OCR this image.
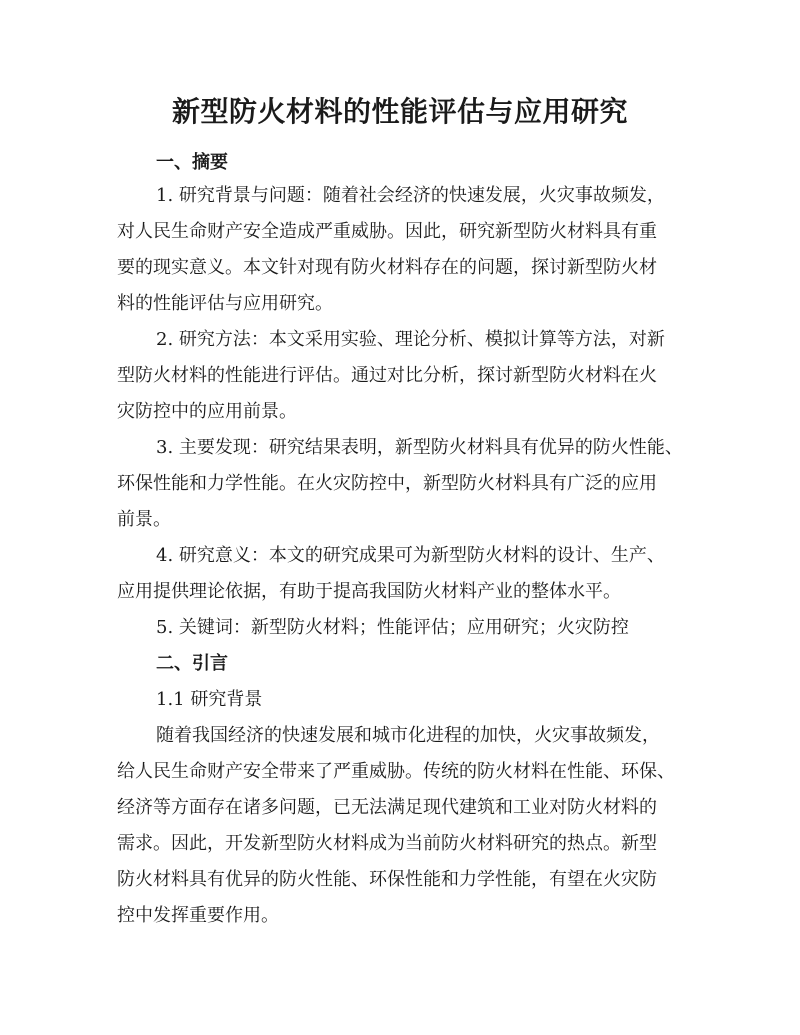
新型防火材料的性能评估与应用研究
一、摘要
1. 研究背景与问题：随着社会经济的快速发展，火灾事故频发，
对人民生命财产安全造成严重威胁。因此，研究新型防火材料具有重
要的现实意义。本文针对现有防火材料存在的问题，探讨新型防火材
料的性能评估与应用研究。
2. 研究方法：本文采用实验、理论分析、模拟计算等方法，对新
型防火材料的性能进行评估。通过对比分析，探讨新型防火材料在火
灾防控中的应用前景。
3. 主要发现：研究结果表明，新型防火材料具有优异的防火性能、
环保性能和力学性能。在火灾防控中，新型防火材料具有广泛的应用
前景。
4. 研究意义：本文的研究成果可为新型防火材料的设计、生产、
应用提供理论依据，有助于提高我国防火材料产业的整体水平。
5. 关键词：新型防火材料；性能评估；应用研究；火灾防控
二、引言
1.1 研究背景
随着我国经济的快速发展和城市化进程的加快，火灾事故频发，
给人民生命财产安全带来了严重威胁。传统的防火材料在性能、环保、
经济等方面存在诸多问题，已无法满足现代建筑和工业对防火材料的
需求。因此，开发新型防火材料成为当前防火材料研究的热点。新型
防火材料具有优异的防火性能、环保性能和力学性能，有望在火灾防
控中发挥重要作用。
